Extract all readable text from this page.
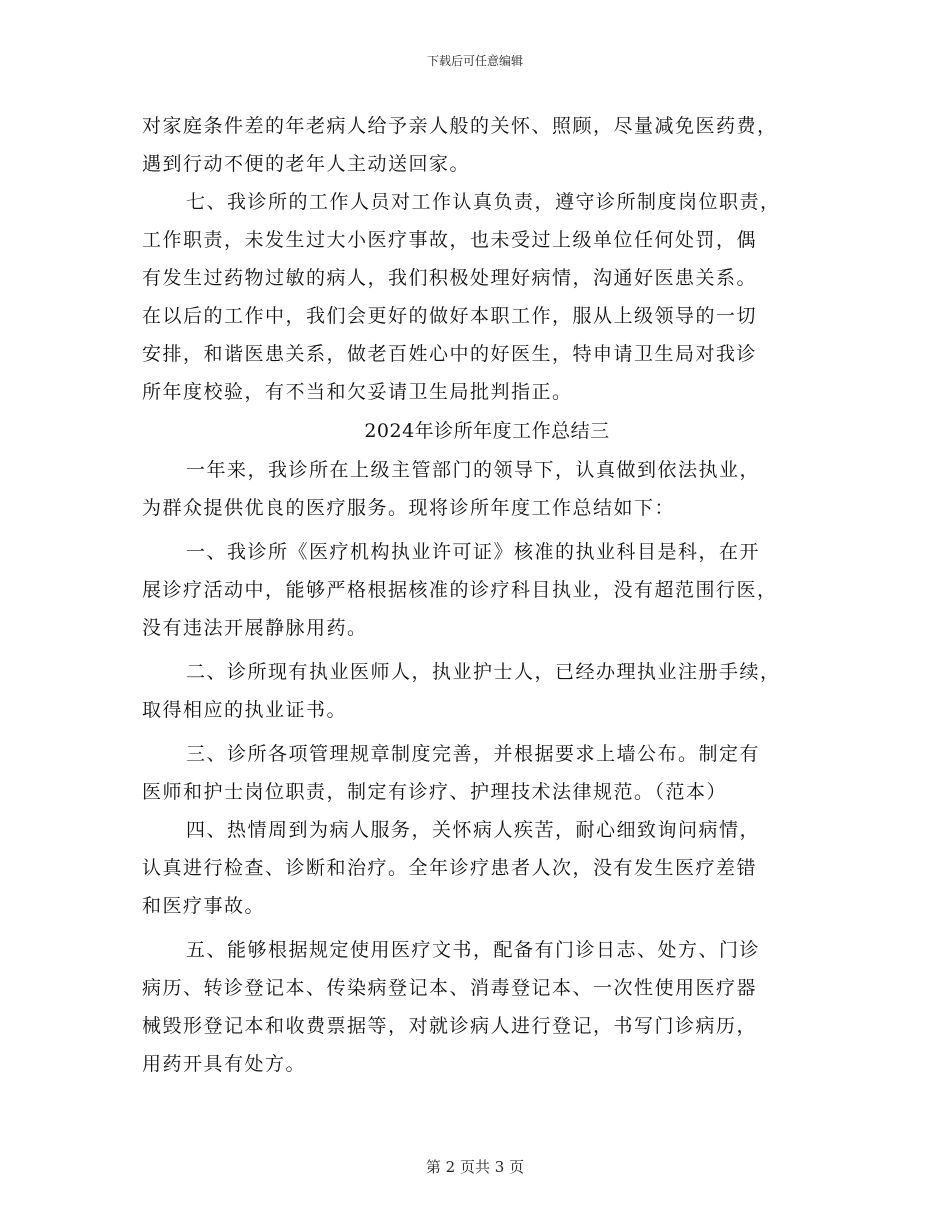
下载后可任意编辑
对家庭条件差的年老病人给予亲人般的关怀、照顾，尽量减免医药费，
遇到行动不便的老年人主动送回家。
七、我诊所的工作人员对工作认真负责，遵守诊所制度岗位职责，
工作职责，未发生过大小医疗事故，也未受过上级单位任何处罚，偶
有发生过药物过敏的病人，我们积极处理好病情，沟通好医患关系。
在以后的工作中，我们会更好的做好本职工作，服从上级领导的一切
安排，和谐医患关系，做老百姓心中的好医生，特申请卫生局对我诊
所年度校验，有不当和欠妥请卫生局批判指正。
2024年诊所年度工作总结三
一年来，我诊所在上级主管部门的领导下，认真做到依法执业，
为群众提供优良的医疗服务。现将诊所年度工作总结如下：
一、我诊所《医疗机构执业许可证》核准的执业科目是科，在开
展诊疗活动中，能够严格根据核准的诊疗科目执业，没有超范围行医，
没有违法开展静脉用药。
二、诊所现有执业医师人，执业护士人，已经办理执业注册手续，
取得相应的执业证书。
三、诊所各项管理规章制度完善，并根据要求上墙公布。制定有
医师和护士岗位职责，制定有诊疗、护理技术法律规范。（范本）
四、热情周到为病人服务，关怀病人疾苦，耐心细致询问病情，
认真进行检查、诊断和治疗。全年诊疗患者人次，没有发生医疗差错
和医疗事故。
五、能够根据规定使用医疗文书，配备有门诊日志、处方、门诊
病历、转诊登记本、传染病登记本、消毒登记本、一次性使用医疗器
械毁形登记本和收费票据等，对就诊病人进行登记，书写门诊病历，
用药开具有处方。
第 2 页共 3 页
